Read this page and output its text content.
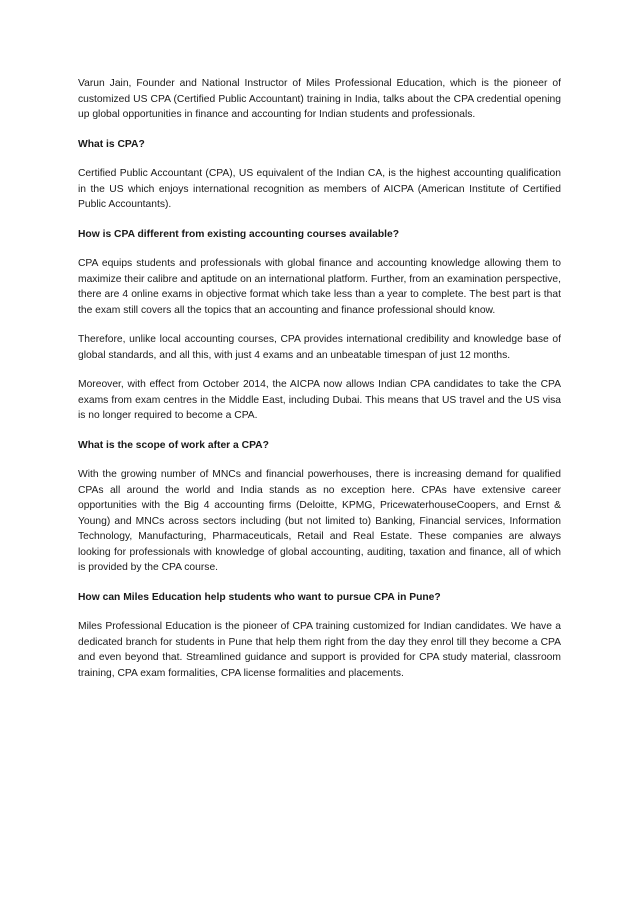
Varun Jain, Founder and National Instructor of Miles Professional Education, which is the pioneer of customized US CPA (Certified Public Accountant) training in India, talks about the CPA credential opening up global opportunities in finance and accounting for Indian students and professionals.

What is CPA?

Certified Public Accountant (CPA), US equivalent of the Indian CA, is the highest accounting qualification in the US which enjoys international recognition as members of AICPA (American Institute of Certified Public Accountants).

How is CPA different from existing accounting courses available?

CPA equips students and professionals with global finance and accounting knowledge allowing them to maximize their calibre and aptitude on an international platform. Further, from an examination perspective, there are 4 online exams in objective format which take less than a year to complete. The best part is that the exam still covers all the topics that an accounting and finance professional should know.

Therefore, unlike local accounting courses, CPA provides international credibility and knowledge base of global standards, and all this, with just 4 exams and an unbeatable timespan of just 12 months.

Moreover, with effect from October 2014, the AICPA now allows Indian CPA candidates to take the CPA exams from exam centres in the Middle East, including Dubai. This means that US travel and the US visa is no longer required to become a CPA.

What is the scope of work after a CPA?

With the growing number of MNCs and financial powerhouses, there is increasing demand for qualified CPAs all around the world and India stands as no exception here. CPAs have extensive career opportunities with the Big 4 accounting firms (Deloitte, KPMG, PricewaterhouseCoopers, and Ernst & Young) and MNCs across sectors including (but not limited to) Banking, Financial services, Information Technology, Manufacturing, Pharmaceuticals, Retail and Real Estate. These companies are always looking for professionals with knowledge of global accounting, auditing, taxation and finance, all of which is provided by the CPA course.

How can Miles Education help students who want to pursue CPA in Pune?

Miles Professional Education is the pioneer of CPA training customized for Indian candidates. We have a dedicated branch for students in Pune that help them right from the day they enrol till they become a CPA and even beyond that. Streamlined guidance and support is provided for CPA study material, classroom training, CPA exam formalities, CPA license formalities and placements.
